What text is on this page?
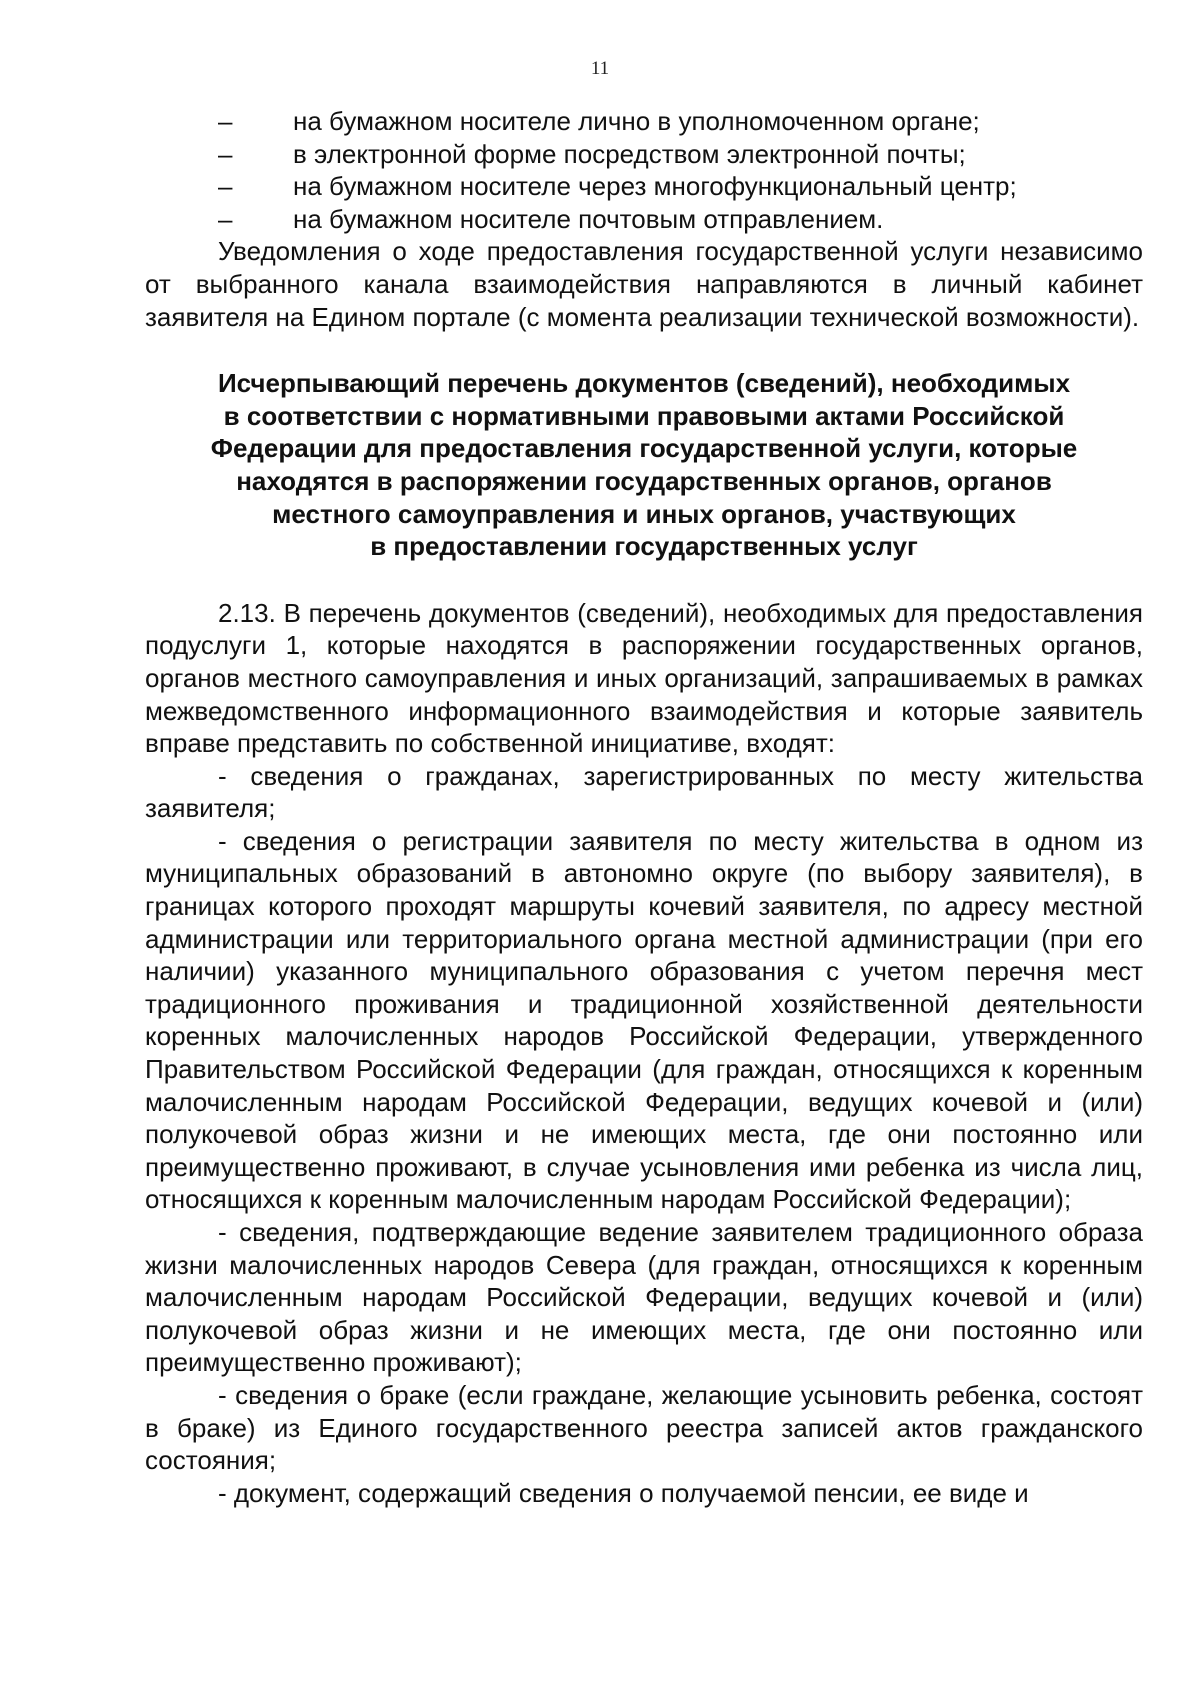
11
–	на бумажном носителе лично в уполномоченном органе;
–	в электронной форме посредством электронной почты;
–	на бумажном носителе через многофункциональный центр;
–	на бумажном носителе почтовым отправлением.

Уведомления о ходе предоставления государственной услуги независимо от выбранного канала взаимодействия направляются в личный кабинет заявителя на Едином портале (с момента реализации технической возможности).

Исчерпывающий перечень документов (сведений), необходимых
в соответствии с нормативными правовыми актами Российской
Федерации для предоставления государственной услуги, которые
находятся в распоряжении государственных органов, органов
местного самоуправления и иных органов, участвующих
в предоставлении государственных услуг

2.13. В перечень документов (сведений), необходимых для предоставления подуслуги 1, которые находятся в распоряжении государственных органов, органов местного самоуправления и иных организаций, запрашиваемых в рамках межведомственного информационного взаимодействия и которые заявитель вправе представить по собственной инициативе, входят:

- сведения о гражданах, зарегистрированных по месту жительства заявителя;

- сведения о регистрации заявителя по месту жительства в одном из муниципальных образований в автономно округе (по выбору заявителя), в границах которого проходят маршруты кочевий заявителя, по адресу местной администрации или территориального органа местной администрации (при его наличии) указанного муниципального образования с учетом перечня мест традиционного проживания и традиционной хозяйственной деятельности коренных малочисленных народов Российской Федерации, утвержденного Правительством Российской Федерации (для граждан, относящихся к коренным малочисленным народам Российской Федерации, ведущих кочевой и (или) полукочевой образ жизни и не имеющих места, где они постоянно или преимущественно проживают, в случае усыновления ими ребенка из числа лиц, относящихся к коренным малочисленным народам Российской Федерации);

- сведения, подтверждающие ведение заявителем традиционного образа жизни малочисленных народов Севера (для граждан, относящихся к коренным малочисленным народам Российской Федерации, ведущих кочевой и (или) полукочевой образ жизни и не имеющих места, где они постоянно или преимущественно проживают);

- сведения о браке (если граждане, желающие усыновить ребенка, состоят в браке) из Единого государственного реестра записей актов гражданского состояния;

- документ, содержащий сведения о получаемой пенсии, ее виде и
